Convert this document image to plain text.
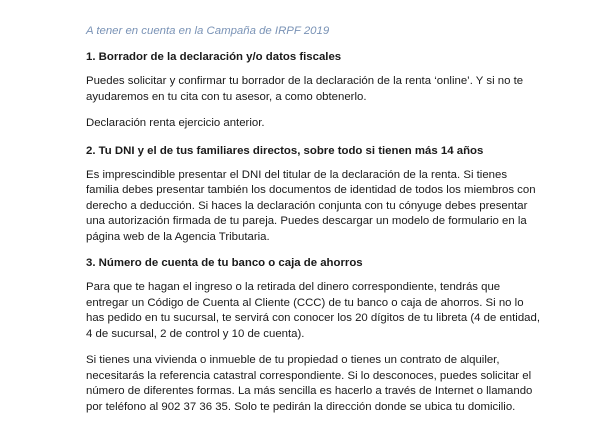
A tener en cuenta en la Campaña de IRPF 2019

1. Borrador de la declaración y/o datos fiscales

Puedes solicitar y confirmar tu borrador de la declaración de la renta ‘online’. Y si no te
ayudaremos en tu cita con tu asesor, a como obtenerlo.

Declaración renta ejercicio anterior.

2. Tu DNI y el de tus familiares directos, sobre todo si tienen más 14 años

Es imprescindible presentar el DNI del titular de la declaración de la renta. Si tienes
familia debes presentar también los documentos de identidad de todos los miembros con
derecho a deducción. Si haces la declaración conjunta con tu cónyuge debes presentar
una autorización firmada de tu pareja. Puedes descargar un modelo de formulario en la
página web de la Agencia Tributaria.

3. Número de cuenta de tu banco o caja de ahorros

Para que te hagan el ingreso o la retirada del dinero correspondiente, tendrás que
entregar un Código de Cuenta al Cliente (CCC) de tu banco o caja de ahorros. Si no lo
has pedido en tu sucursal, te servirá con conocer los 20 dígitos de tu libreta (4 de entidad,
4 de sucursal, 2 de control y 10 de cuenta).

Si tienes una vivienda o inmueble de tu propiedad o tienes un contrato de alquiler,
necesitarás la referencia catastral correspondiente. Si lo desconoces, puedes solicitar el
número de diferentes formas. La más sencilla es hacerlo a través de Internet o llamando
por teléfono al 902 37 36 35. Solo te pedirán la dirección donde se ubica tu domicilio.
